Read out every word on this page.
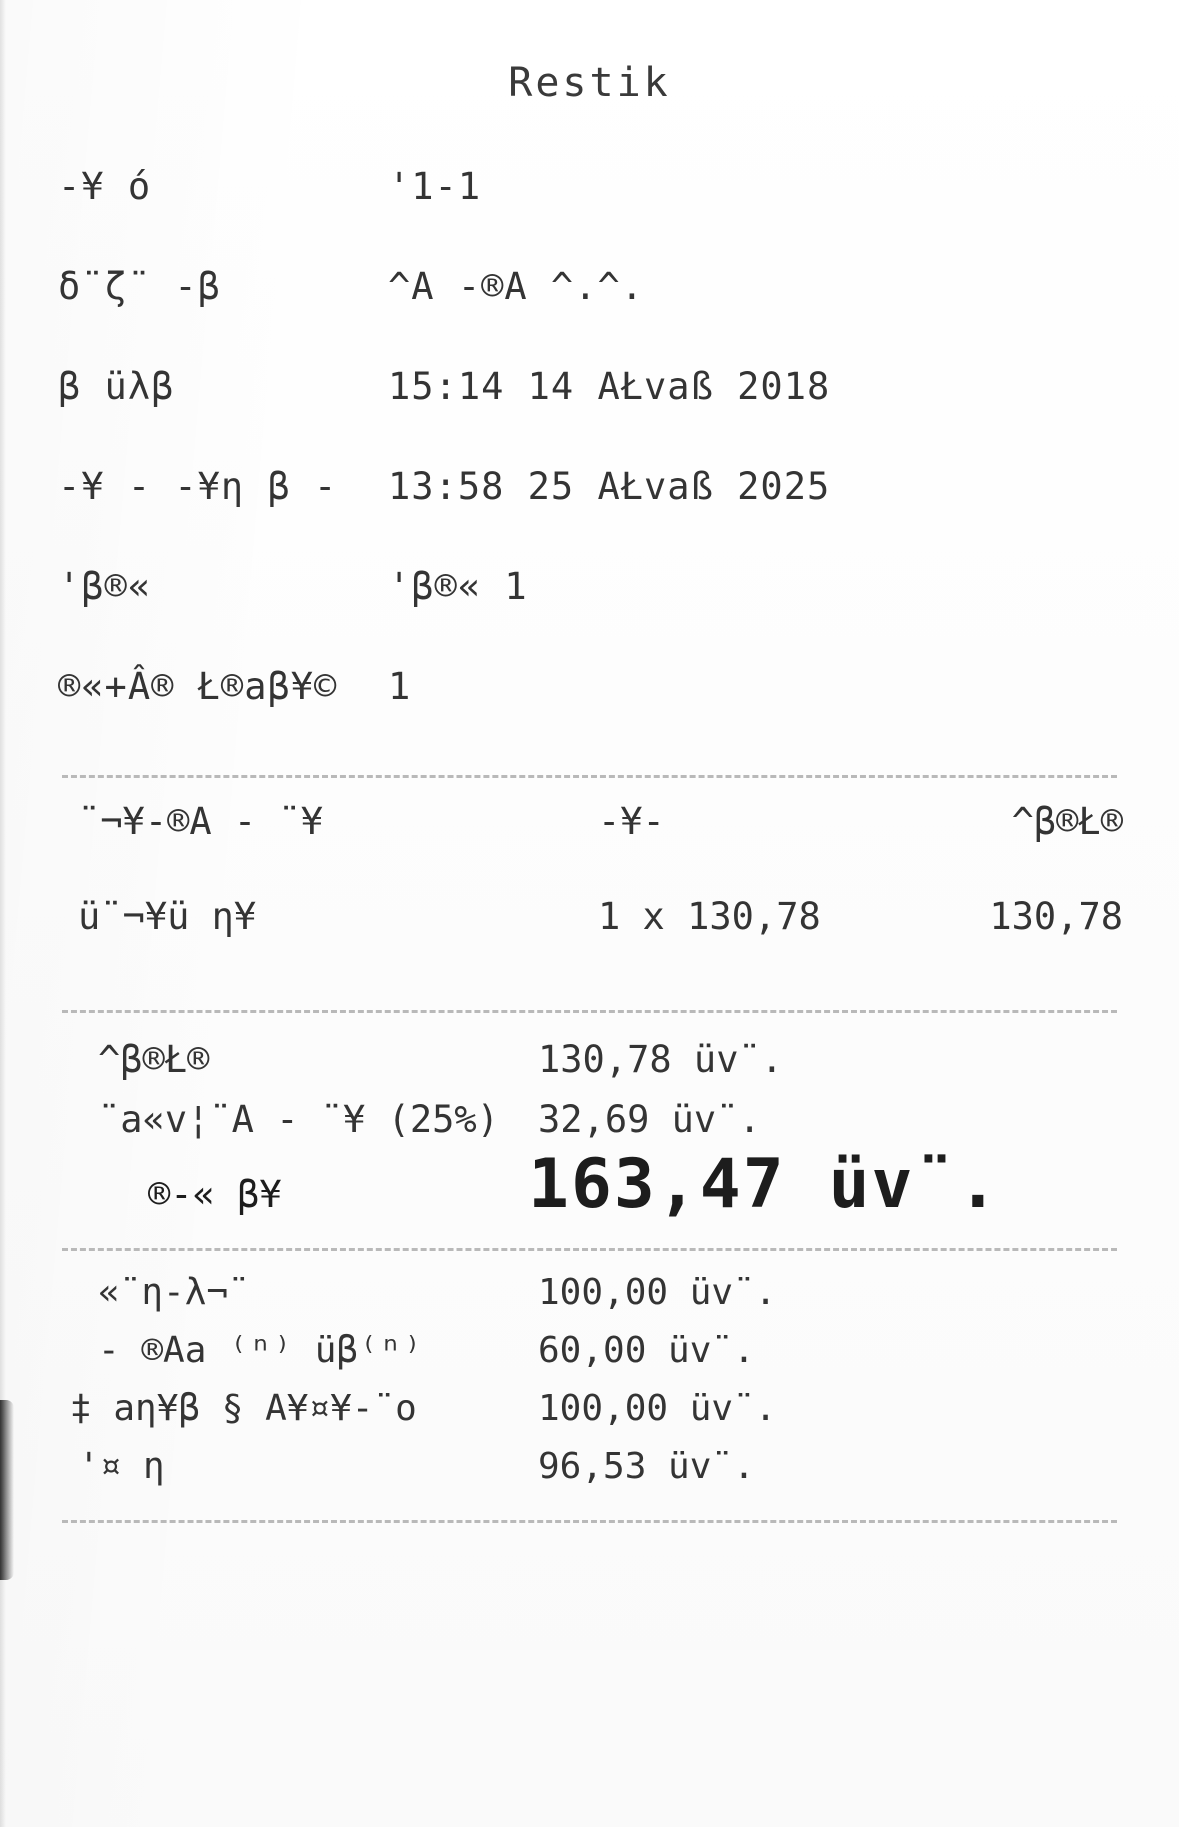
Restik
-¥ ó	'1-1
δ¨ζ¨ -β	^A -®A ^.^.
β üλβ	15:14 14 AŁvaß 2018
-¥ - -¥η β - 13:58 25 AŁvaß 2025
'β®«	'β®« 1
®«+Â® Ł®aβ¥© 1
¨¬¥-®A - ¨¥	-¥-	^β®Ł®
ü¨¬¥ü η¥	1 x 130,78	130,78
^β®Ł®	130,78 üv¨.
¨a«v¦¨A - ¨¥ (25%) 32,69 üv¨.
®-« β¥	163,47 üv¨.
«¨η-λ¬¨	100,00 üv¨.
- ®Aa ⁽ⁿ⁾ üβ⁽ⁿ⁾	60,00 üv¨.
‡ aη¥β § A¥¤¥-¨o	100,00 üv¨.
'¤ η	96,53 üv¨.
